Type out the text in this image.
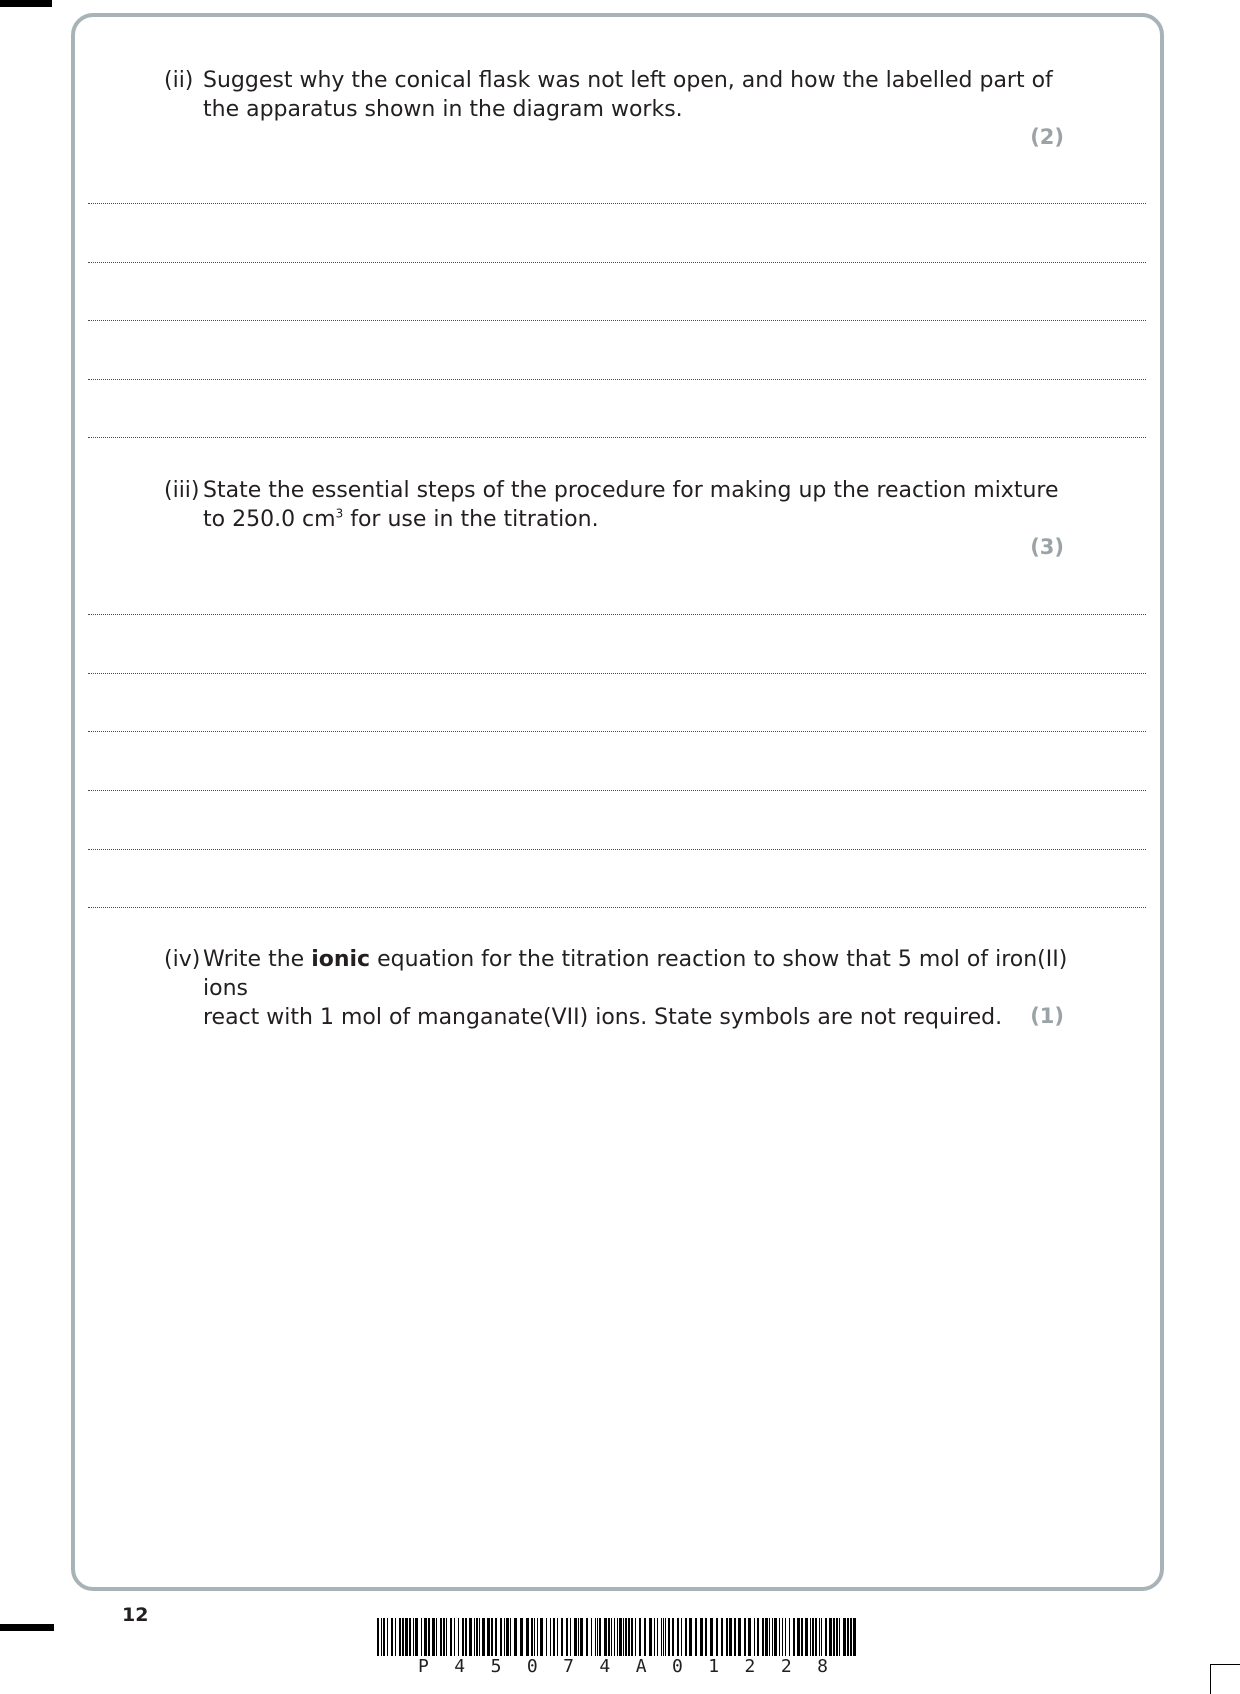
(ii) Suggest why the conical flask was not left open, and how the labelled part of
the apparatus shown in the diagram works.
(2)
(iii) State the essential steps of the procedure for making up the reaction mixture
to 250.0 $cm^3$ for use in the titration.
(3)
(iv) Write the ionic equation for the titration reaction to show that 5 mol of iron(II) ions
react with 1 mol of manganate(VII) ions. State symbols are not required.	(1)
12
P 4 5 0 7 4 A 0 1 2 2 8
